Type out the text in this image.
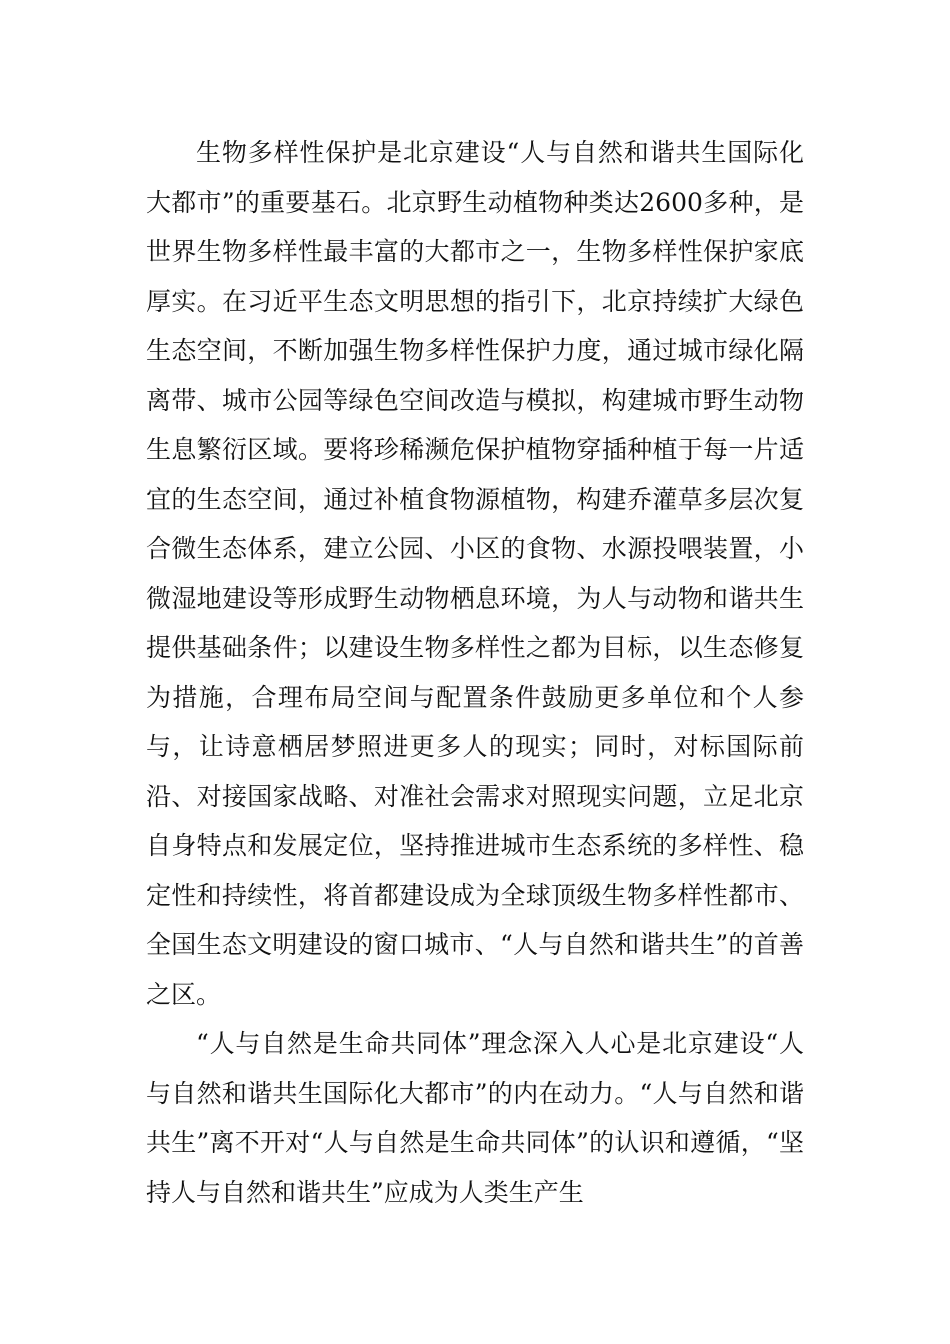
生物多样性保护是北京建设“人与自然和谐共生国际化大都市”的重要基石。北京野生动植物种类达2600多种，是世界生物多样性最丰富的大都市之一，生物多样性保护家底厚实。在习近平生态文明思想的指引下，北京持续扩大绿色生态空间，不断加强生物多样性保护力度，通过城市绿化隔离带、城市公园等绿色空间改造与模拟，构建城市野生动物生息繁衍区域。要将珍稀濒危保护植物穿插种植于每一片适宜的生态空间，通过补植食物源植物，构建乔灌草多层次复合微生态体系，建立公园、小区的食物、水源投喂装置，小微湿地建设等形成野生动物栖息环境，为人与动物和谐共生提供基础条件；以建设生物多样性之都为目标，以生态修复为措施，合理布局空间与配置条件鼓励更多单位和个人参与，让诗意栖居梦照进更多人的现实；同时，对标国际前沿、对接国家战略、对准社会需求对照现实问题，立足北京自身特点和发展定位，坚持推进城市生态系统的多样性、稳定性和持续性，将首都建设成为全球顶级生物多样性都市、全国生态文明建设的窗口城市、“人与自然和谐共生”的首善之区。

“人与自然是生命共同体”理念深入人心是北京建设“人与自然和谐共生国际化大都市”的内在动力。“人与自然和谐共生”离不开对“人与自然是生命共同体”的认识和遵循，“坚持人与自然和谐共生”应成为人类生产生
